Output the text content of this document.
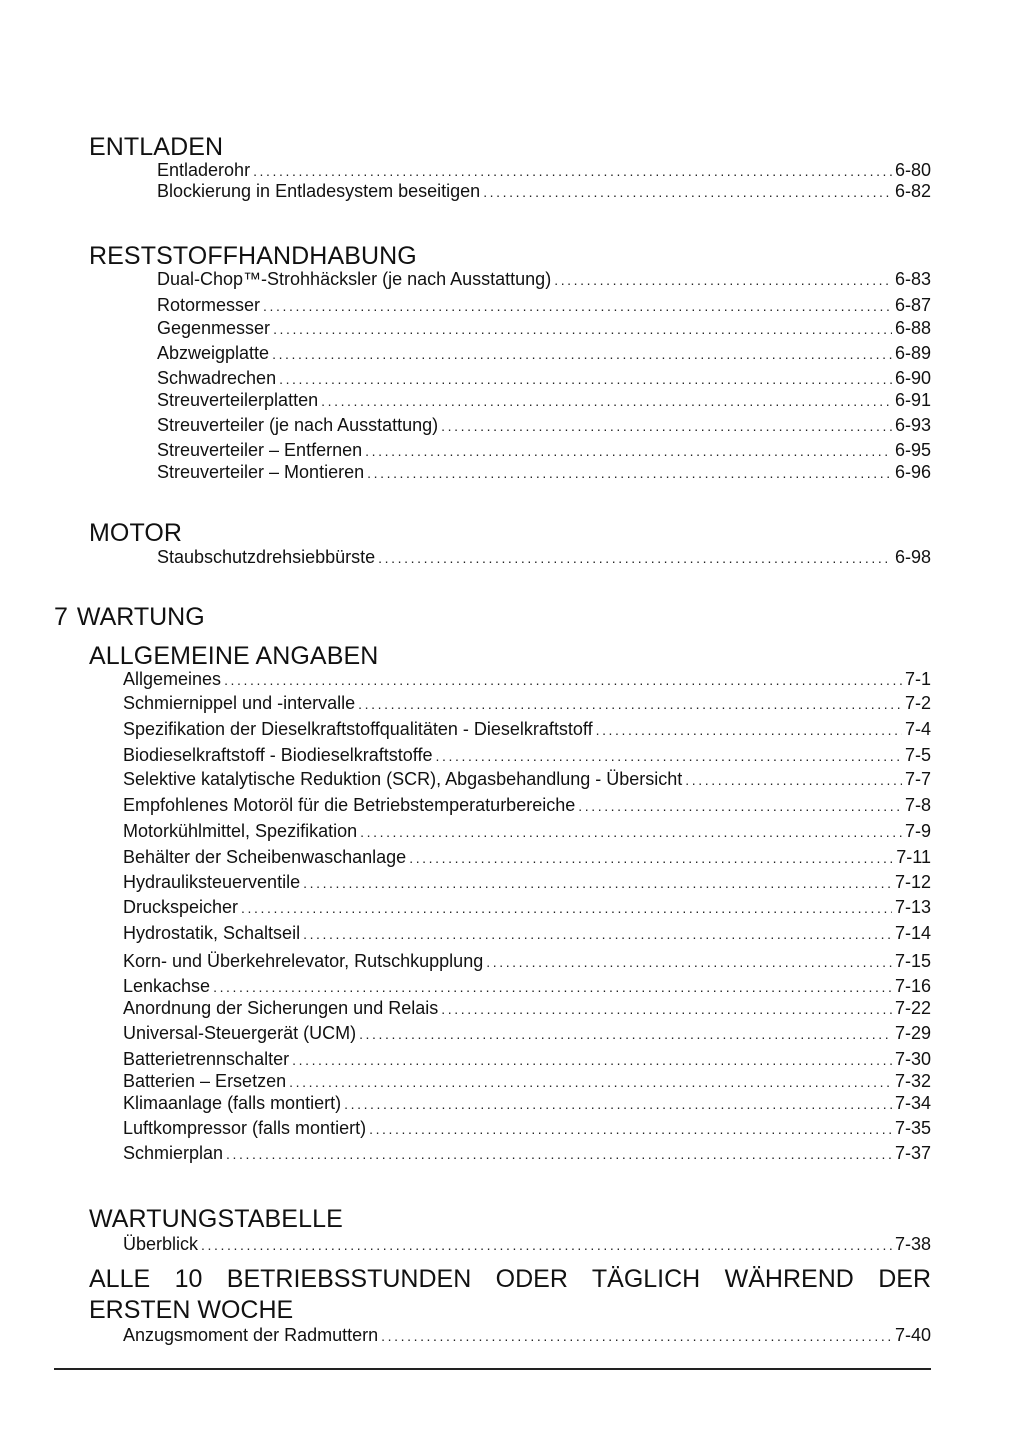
ENTLADEN
Entladerohr .....	6-80
Blockierung in Entladesystem beseitigen .....	6-82
RESTSTOFFHANDHABUNG
Dual-Chop™-Strohhäcksler (je nach Ausstattung) .....	6-83
Rotormesser .....	6-87
Gegenmesser .....	6-88
Abzweigplatte .....	6-89
Schwadrechen .....	6-90
Streuverteilerplatten .....	6-91
Streuverteiler (je nach Ausstattung) .....	6-93
Streuverteiler – Entfernen .....	6-95
Streuverteiler – Montieren .....	6-96
MOTOR
Staubschutzdrehsiebbürste .....	6-98
7 WARTUNG
ALLGEMEINE ANGABEN
Allgemeines .....	7-1
Schmiernippel und -intervalle .....	7-2
Spezifikation der Dieselkraftstoffqualitäten - Dieselkraftstoff .....	7-4
Biodieselkraftstoff - Biodieselkraftstoffe .....	7-5
Selektive katalytische Reduktion (SCR), Abgasbehandlung - Übersicht .....	7-7
Empfohlenes Motoröl für die Betriebstemperaturbereiche .....	7-8
Motorkühlmittel, Spezifikation .....	7-9
Behälter der Scheibenwaschanlage .....	7-11
Hydrauliksteuerventile .....	7-12
Druckspeicher .....	7-13
Hydrostatik, Schaltseil .....	7-14
Korn- und Überkehrelevator, Rutschkupplung .....	7-15
Lenkachse .....	7-16
Anordnung der Sicherungen und Relais .....	7-22
Universal-Steuergerät (UCM) .....	7-29
Batterietrennschalter .....	7-30
Batterien – Ersetzen .....	7-32
Klimaanlage (falls montiert) .....	7-34
Luftkompressor (falls montiert) .....	7-35
Schmierplan .....	7-37
WARTUNGSTABELLE
Überblick .....	7-38
ALLE 10 BETRIEBSSTUNDEN ODER TÄGLICH WÄHREND DER ERSTEN WOCHE
Anzugsmoment der Radmuttern .....	7-40
